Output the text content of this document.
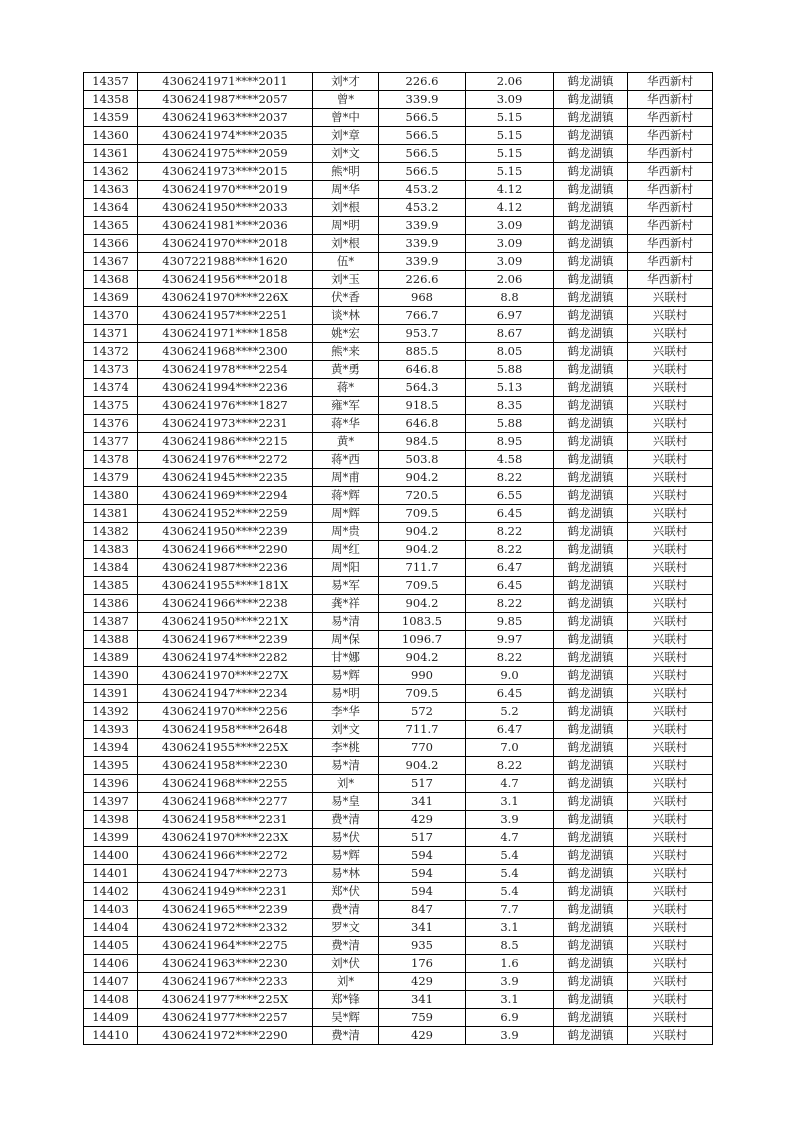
14357	4306241971****2011	刘*才	226.6	2.06	鹤龙湖镇	华西新村
14358	4306241987****2057	曾*	339.9	3.09	鹤龙湖镇	华西新村
14359	4306241963****2037	曾*中	566.5	5.15	鹤龙湖镇	华西新村
14360	4306241974****2035	刘*章	566.5	5.15	鹤龙湖镇	华西新村
14361	4306241975****2059	刘*文	566.5	5.15	鹤龙湖镇	华西新村
14362	4306241973****2015	熊*明	566.5	5.15	鹤龙湖镇	华西新村
14363	4306241970****2019	周*华	453.2	4.12	鹤龙湖镇	华西新村
14364	4306241950****2033	刘*根	453.2	4.12	鹤龙湖镇	华西新村
14365	4306241981****2036	周*明	339.9	3.09	鹤龙湖镇	华西新村
14366	4306241970****2018	刘*根	339.9	3.09	鹤龙湖镇	华西新村
14367	4307221988****1620	伍*	339.9	3.09	鹤龙湖镇	华西新村
14368	4306241956****2018	刘*玉	226.6	2.06	鹤龙湖镇	华西新村
14369	4306241970****226X	伏*香	968	8.8	鹤龙湖镇	兴联村
14370	4306241957****2251	谈*林	766.7	6.97	鹤龙湖镇	兴联村
14371	4306241971****1858	姚*宏	953.7	8.67	鹤龙湖镇	兴联村
14372	4306241968****2300	熊*来	885.5	8.05	鹤龙湖镇	兴联村
14373	4306241978****2254	黄*勇	646.8	5.88	鹤龙湖镇	兴联村
14374	4306241994****2236	蒋*	564.3	5.13	鹤龙湖镇	兴联村
14375	4306241976****1827	雍*军	918.5	8.35	鹤龙湖镇	兴联村
14376	4306241973****2231	蒋*华	646.8	5.88	鹤龙湖镇	兴联村
14377	4306241986****2215	黄*	984.5	8.95	鹤龙湖镇	兴联村
14378	4306241976****2272	蒋*西	503.8	4.58	鹤龙湖镇	兴联村
14379	4306241945****2235	周*甫	904.2	8.22	鹤龙湖镇	兴联村
14380	4306241969****2294	蒋*辉	720.5	6.55	鹤龙湖镇	兴联村
14381	4306241952****2259	周*辉	709.5	6.45	鹤龙湖镇	兴联村
14382	4306241950****2239	周*贵	904.2	8.22	鹤龙湖镇	兴联村
14383	4306241966****2290	周*红	904.2	8.22	鹤龙湖镇	兴联村
14384	4306241987****2236	周*阳	711.7	6.47	鹤龙湖镇	兴联村
14385	4306241955****181X	易*军	709.5	6.45	鹤龙湖镇	兴联村
14386	4306241966****2238	龚*祥	904.2	8.22	鹤龙湖镇	兴联村
14387	4306241950****221X	易*清	1083.5	9.85	鹤龙湖镇	兴联村
14388	4306241967****2239	周*保	1096.7	9.97	鹤龙湖镇	兴联村
14389	4306241974****2282	甘*娜	904.2	8.22	鹤龙湖镇	兴联村
14390	4306241970****227X	易*辉	990	9.0	鹤龙湖镇	兴联村
14391	4306241947****2234	易*明	709.5	6.45	鹤龙湖镇	兴联村
14392	4306241970****2256	李*华	572	5.2	鹤龙湖镇	兴联村
14393	4306241958****2648	刘*文	711.7	6.47	鹤龙湖镇	兴联村
14394	4306241955****225X	李*桃	770	7.0	鹤龙湖镇	兴联村
14395	4306241958****2230	易*清	904.2	8.22	鹤龙湖镇	兴联村
14396	4306241968****2255	刘*	517	4.7	鹤龙湖镇	兴联村
14397	4306241968****2277	易*皇	341	3.1	鹤龙湖镇	兴联村
14398	4306241958****2231	费*清	429	3.9	鹤龙湖镇	兴联村
14399	4306241970****223X	易*伏	517	4.7	鹤龙湖镇	兴联村
14400	4306241966****2272	易*辉	594	5.4	鹤龙湖镇	兴联村
14401	4306241947****2273	易*林	594	5.4	鹤龙湖镇	兴联村
14402	4306241949****2231	郑*伏	594	5.4	鹤龙湖镇	兴联村
14403	4306241965****2239	费*清	847	7.7	鹤龙湖镇	兴联村
14404	4306241972****2332	罗*文	341	3.1	鹤龙湖镇	兴联村
14405	4306241964****2275	费*清	935	8.5	鹤龙湖镇	兴联村
14406	4306241963****2230	刘*伏	176	1.6	鹤龙湖镇	兴联村
14407	4306241967****2233	刘*	429	3.9	鹤龙湖镇	兴联村
14408	4306241977****225X	郑*锋	341	3.1	鹤龙湖镇	兴联村
14409	4306241977****2257	吴*辉	759	6.9	鹤龙湖镇	兴联村
14410	4306241972****2290	费*清	429	3.9	鹤龙湖镇	兴联村
